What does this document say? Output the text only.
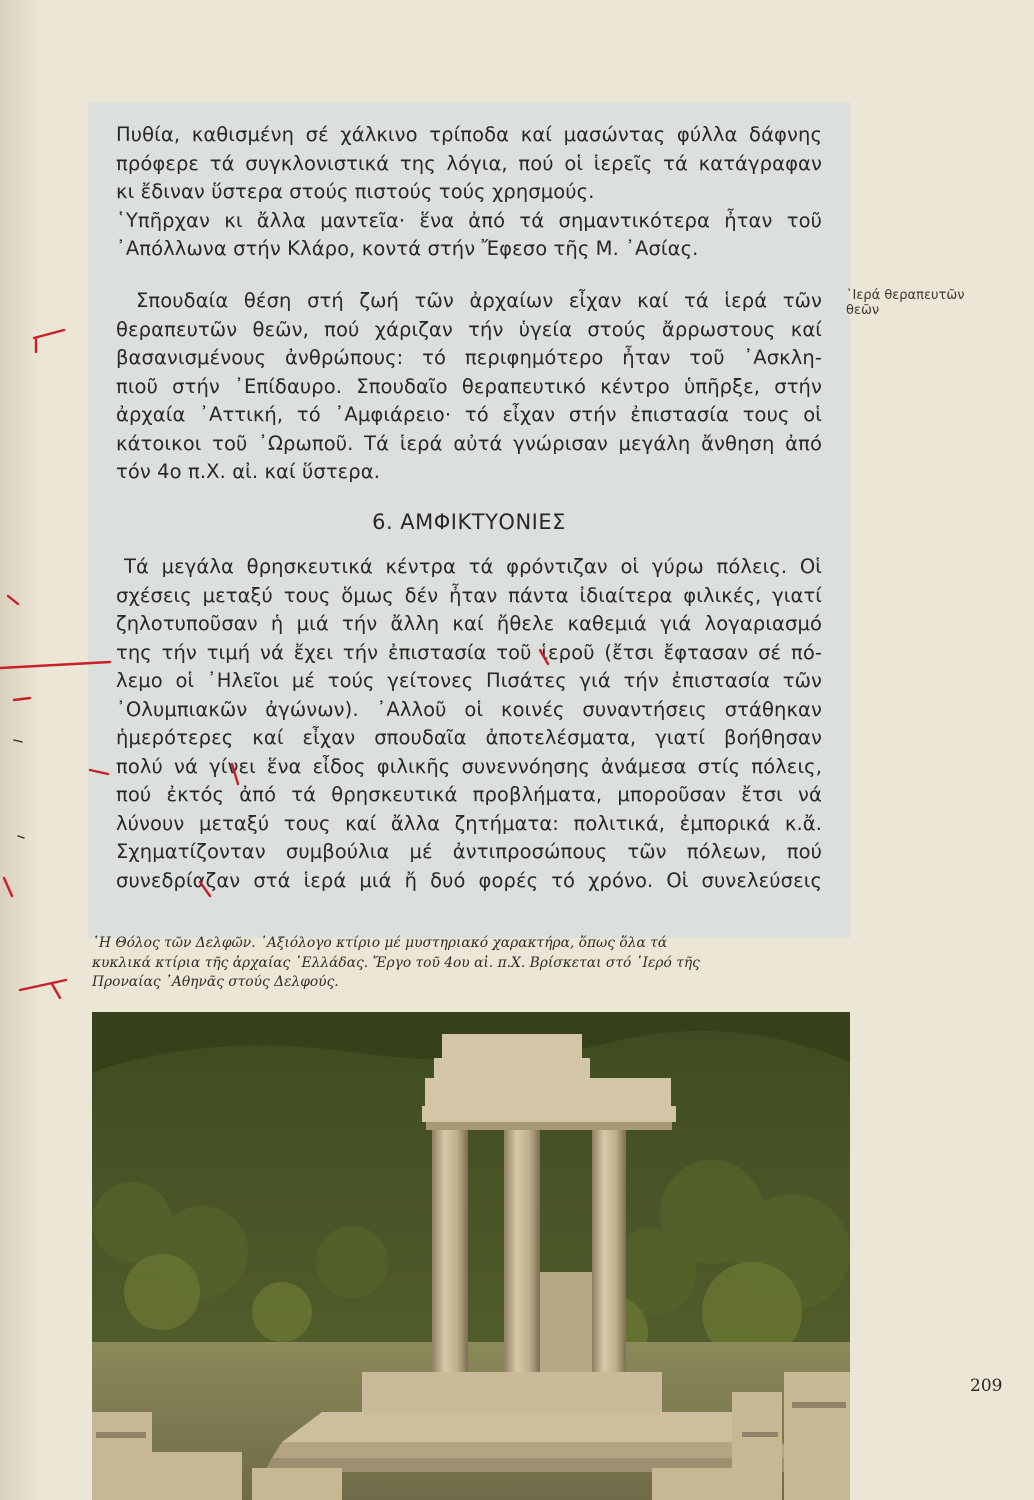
Πυθία, καθισμένη σέ χάλκινο τρίποδα καί μασώντας φύλλα δάφνης
πρόφερε τά συγκλονιστικά της λόγια, πού οἱ ἱερεῖς τά κατάγραφαν
κι ἔδιναν ὕστερα στούς πιστούς τούς χρησμούς.
῾Υπῆρχαν κι ἄλλα μαντεῖα· ἕνα ἀπό τά σημαντικότερα ἦταν τοῦ
᾿Απόλλωνα στήν Κλάρο, κοντά στήν Ἔφεσο τῆς Μ. ᾿Ασίας.

Σπουδαία θέση στή ζωή τῶν ἀρχαίων εἶχαν καί τά ἱερά τῶν
θεραπευτῶν θεῶν, πού χάριζαν τήν ὑγεία στούς ἄρρωστους καί
βασανισμένους ἀνθρώπους: τό περιφημότερο ἦταν τοῦ ᾿Ασκλη-
πιοῦ στήν ᾿Επίδαυρο. Σπουδαῖο θεραπευτικό κέντρο ὑπῆρξε, στήν
ἀρχαία ᾿Αττική, τό ᾿Αμφιάρειο· τό εἶχαν στήν ἐπιστασία τους οἱ
κάτοικοι τοῦ ᾿Ωρωποῦ. Τά ἱερά αὐτά γνώρισαν μεγάλη ἄνθηση ἀπό
τόν 4ο π.Χ. αἰ. καί ὕστερα.

῾Ιερά θεραπευτῶν θεῶν
6. ΑΜΦΙΚΤΥΟΝΙΕΣ

Τά μεγάλα θρησκευτικά κέντρα τά φρόντιζαν οἱ γύρω πόλεις. Οἱ
σχέσεις μεταξύ τους ὅμως δέν ἦταν πάντα ἰδιαίτερα φιλικές, γιατί
ζηλοτυποῦσαν ἡ μιά τήν ἄλλη καί ἤθελε καθεμιά γιά λογαριασμό
της τήν τιμή νά ἔχει τήν ἐπιστασία τοῦ ἱεροῦ (ἔτσι ἔφτασαν σέ πό-
λεμο οἱ ᾿Ηλεῖοι μέ τούς γείτονες Πισάτες γιά τήν ἐπιστασία τῶν
᾿Ολυμπιακῶν ἀγώνων). ᾿Αλλοῦ οἱ κοινές συναντήσεις στάθηκαν
ἡμερότερες καί εἶχαν σπουδαῖα ἀποτελέσματα, γιατί βοήθησαν
πολύ νά γίνει ἕνα εἶδος φιλικῆς συνεννόησης ἀνάμεσα στίς πόλεις,
πού ἐκτός ἀπό τά θρησκευτικά προβλήματα, μποροῦσαν ἔτσι νά
λύνουν μεταξύ τους καί ἄλλα ζητήματα: πολιτικά, ἐμπορικά κ.ἄ.
Σχηματίζονταν συμβούλια μέ ἀντιπροσώπους τῶν πόλεων, πού
συνεδρίαζαν στά ἱερά μιά ἤ δυό φορές τό χρόνο. Οἱ συνελεύσεις

῾Η Θόλος τῶν Δελφῶν. ᾿Αξιόλογο κτίριο μέ μυστηριακό χαρακτήρα, ὅπως ὅλα τά
κυκλικά κτίρια τῆς ἀρχαίας ῾Ελλάδας. Ἔργο τοῦ 4ου αἰ. π.Χ. Βρίσκεται στό ῾Ιερό τῆς
Προναίας ᾿Αθηνᾶς στούς Δελφούς.

209
